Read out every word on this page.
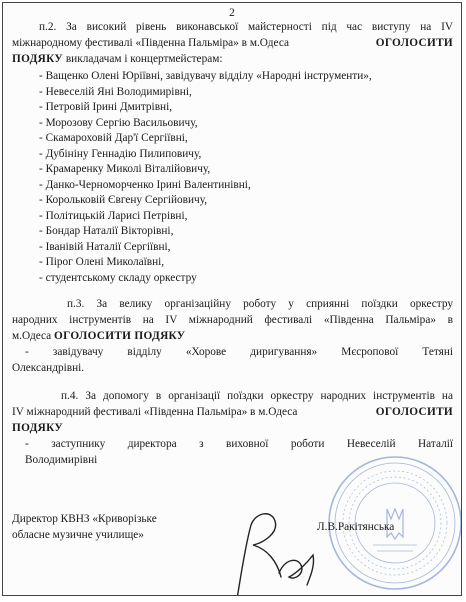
2
п.2. За високий рівень виконавської майстерності під час виступу на IV
міжнародному фестивалі «Південна Пальміра» в м.Одеса	ОГОЛОСИТИ
ПОДЯКУ викладачам і концертмейстерам:
- Ващенко Олені Юріївні, завідувачу відділу «Народні інструменти»,
- Невеселій Яні Володимирівні,
- Петровій Ірині Дмитрівні,
- Морозову Сергію Васильовичу,
- Скамароховій Дар'ї Сергіївні,
- Дубініну Геннадію Пилиповичу,
- Крамаренку Миколі Віталійовичу,
- Данко-Черноморченко Ірині Валентинівні,
- Корольковій Євгену Сергійовичу,
- Політицькій Ларисі Петрівні,
- Бондар Наталії Вікторівні,
- Іванівій Наталії Сергіївні,
- Пірог Олені Миколаївні,
- студентському складу оркестру
п.3. За велику організаційну роботу у сприянні поїздки оркестру
народних інструментів на IV міжнародний фестивалі «Південна Пальміра» в
м.Одеса ОГОЛОСИТИ ПОДЯКУ
- завідувачу відділу «Хорове диригування» Мєсропової Тетяні
Олександрівні.
п.4. За допомогу в організації поїздки оркестру народних інструментів на
IV міжнародний фестивалі «Південна Пальміра» в м.Одеса	ОГОЛОСИТИ
ПОДЯКУ
- заступнику директора з виховної роботи Невеселій Наталії
Володимирівні
Директор КВНЗ «Криворізьке
обласне музичне училище»
Л.В.Ракітянська
